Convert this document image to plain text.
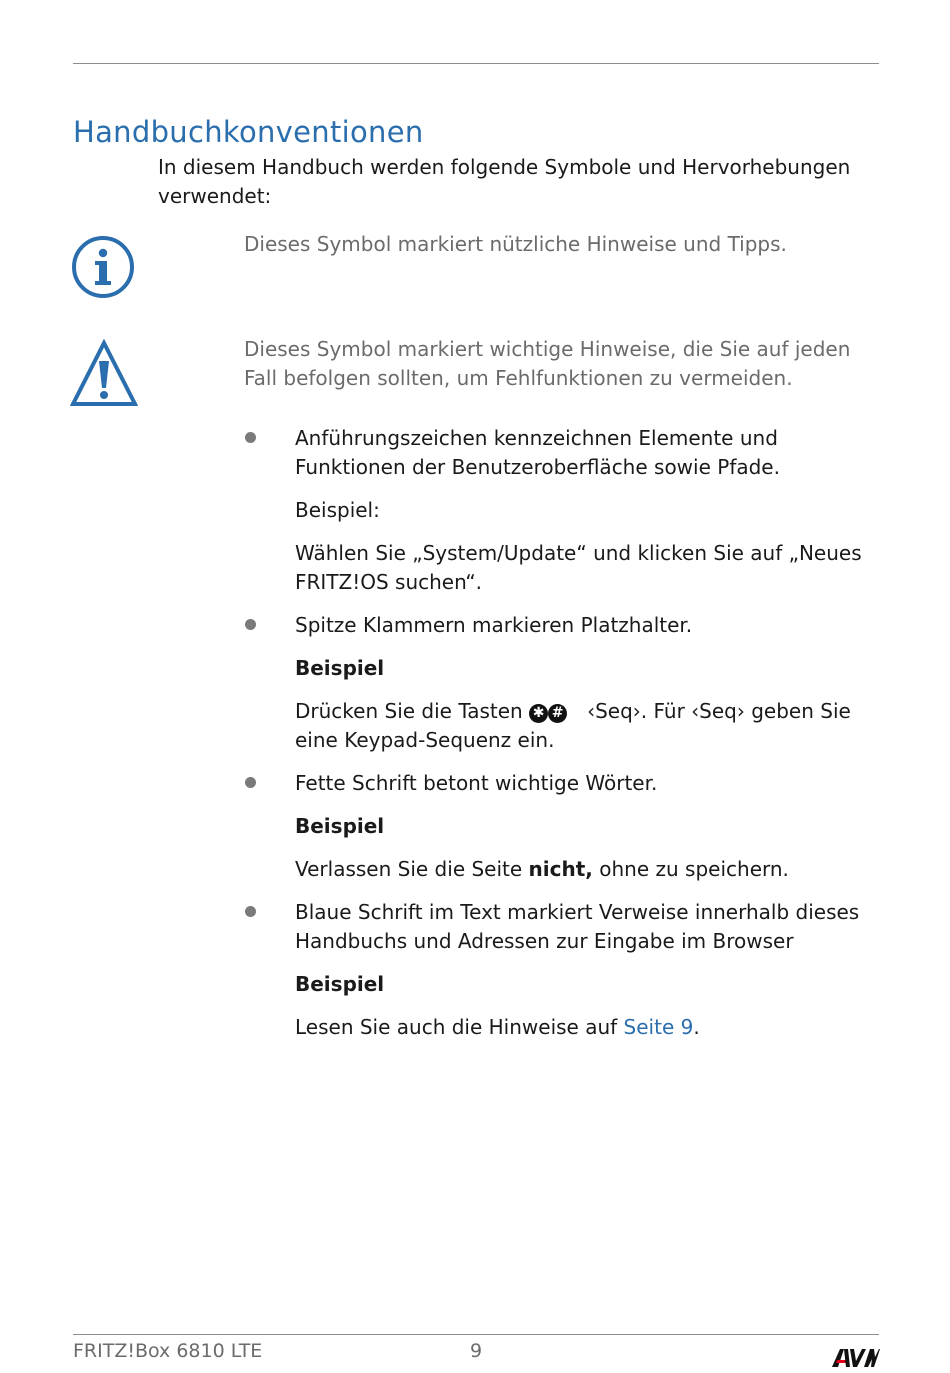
Handbuchkonventionen
In diesem Handbuch werden folgende Symbole und Hervorhebungen verwendet:
Dieses Symbol markiert nützliche Hinweise und Tipps.
Dieses Symbol markiert wichtige Hinweise, die Sie auf jeden Fall befolgen sollten, um Fehlfunktionen zu vermeiden.

Anführungszeichen kennzeichnen Elemente und Funktionen der Benutzeroberfläche sowie Pfade.

Beispiel:

Wählen Sie „System/Update“ und klicken Sie auf „Neues FRITZ!OS suchen“.

Spitze Klammern markieren Platzhalter.

Beispiel

Drücken Sie die Tasten ✱ # ‹Seq›. Für ‹Seq› geben Sie eine Keypad-Sequenz ein.

Fette Schrift betont wichtige Wörter.

Beispiel

Verlassen Sie die Seite nicht, ohne zu speichern.

Blaue Schrift im Text markiert Verweise innerhalb dieses Handbuchs und Adressen zur Eingabe im Browser

Beispiel

Lesen Sie auch die Hinweise auf Seite 9.

FRITZ!Box 6810 LTE	9
